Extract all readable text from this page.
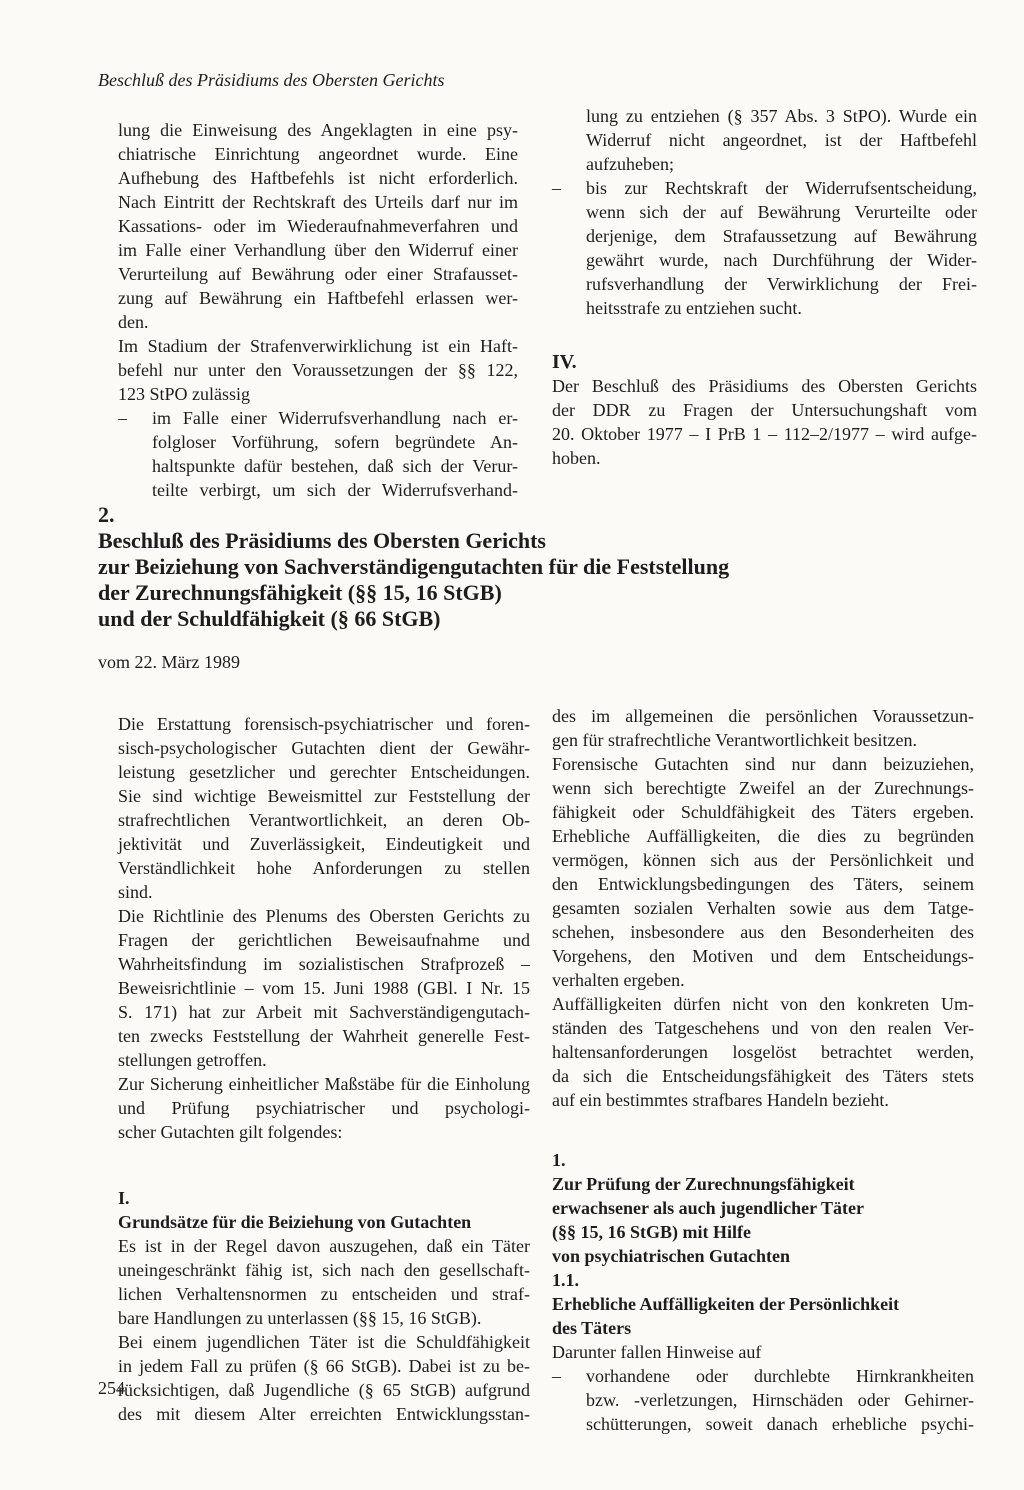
Beschluß des Präsidiums des Obersten Gerichts
lung die Einweisung des Angeklagten in eine psy-
chiatrische Einrichtung angeordnet wurde. Eine
Aufhebung des Haftbefehls ist nicht erforderlich.
Nach Eintritt der Rechtskraft des Urteils darf nur im
Kassations- oder im Wiederaufnahmeverfahren und
im Falle einer Verhandlung über den Widerruf einer
Verurteilung auf Bewährung oder einer Strafausset-
zung auf Bewährung ein Haftbefehl erlassen wer-
den.
Im Stadium der Strafenverwirklichung ist ein Haft-
befehl nur unter den Voraussetzungen der §§ 122,
123 StPO zulässig
–	im Falle einer Widerrufsverhandlung nach er-
folgloser Vorführung, sofern begründete An-
haltspunkte dafür bestehen, daß sich der Verur-
teilte verbirgt, um sich der Widerrufsverhand-
lung zu entziehen (§ 357 Abs. 3 StPO). Wurde ein
Widerruf nicht angeordnet, ist der Haftbefehl
aufzuheben;
–	bis zur Rechtskraft der Widerrufsentscheidung,
wenn sich der auf Bewährung Verurteilte oder
derjenige, dem Strafaussetzung auf Bewährung
gewährt wurde, nach Durchführung der Wider-
rufsverhandlung der Verwirklichung der Frei-
heitsstrafe zu entziehen sucht.
IV.
Der Beschluß des Präsidiums des Obersten Gerichts
der DDR zu Fragen der Untersuchungshaft vom
20. Oktober 1977 – I PrB 1 – 112–2/1977 – wird aufge-
hoben.
2.
Beschluß des Präsidiums des Obersten Gerichts
zur Beiziehung von Sachverständigengutachten für die Feststellung
der Zurechnungsfähigkeit (§§ 15, 16 StGB)
und der Schuldfähigkeit (§ 66 StGB)
vom 22. März 1989
Die Erstattung forensisch-psychiatrischer und foren-
sisch-psychologischer Gutachten dient der Gewähr-
leistung gesetzlicher und gerechter Entscheidungen.
Sie sind wichtige Beweismittel zur Feststellung der
strafrechtlichen Verantwortlichkeit, an deren Ob-
jektivität und Zuverlässigkeit, Eindeutigkeit und
Verständlichkeit hohe Anforderungen zu stellen
sind.
Die Richtlinie des Plenums des Obersten Gerichts zu
Fragen der gerichtlichen Beweisaufnahme und
Wahrheitsfindung im sozialistischen Strafprozeß –
Beweisrichtlinie – vom 15. Juni 1988 (GBl. I Nr. 15
S. 171) hat zur Arbeit mit Sachverständigengutach-
ten zwecks Feststellung der Wahrheit generelle Fest-
stellungen getroffen.
Zur Sicherung einheitlicher Maßstäbe für die Einholung
und Prüfung psychiatrischer und psychologi-
scher Gutachten gilt folgendes:
I.
Grundsätze für die Beiziehung von Gutachten
Es ist in der Regel davon auszugehen, daß ein Täter
uneingeschränkt fähig ist, sich nach den gesellschaft-
lichen Verhaltensnormen zu entscheiden und straf-
bare Handlungen zu unterlassen (§§ 15, 16 StGB).
Bei einem jugendlichen Täter ist die Schuldfähigkeit
in jedem Fall zu prüfen (§ 66 StGB). Dabei ist zu be-
rücksichtigen, daß Jugendliche (§ 65 StGB) aufgrund
des mit diesem Alter erreichten Entwicklungsstan-
des im allgemeinen die persönlichen Voraussetzun-
gen für strafrechtliche Verantwortlichkeit besitzen.
Forensische Gutachten sind nur dann beizuziehen,
wenn sich berechtigte Zweifel an der Zurechnungs-
fähigkeit oder Schuldfähigkeit des Täters ergeben.
Erhebliche Auffälligkeiten, die dies zu begründen
vermögen, können sich aus der Persönlichkeit und
den Entwicklungsbedingungen des Täters, seinem
gesamten sozialen Verhalten sowie aus dem Tatge-
schehen, insbesondere aus den Besonderheiten des
Vorgehens, den Motiven und dem Entscheidungs-
verhalten ergeben.
Auffälligkeiten dürfen nicht von den konkreten Um-
ständen des Tatgeschehens und von den realen Ver-
haltensanforderungen losgelöst betrachtet werden,
da sich die Entscheidungsfähigkeit des Täters stets
auf ein bestimmtes strafbares Handeln bezieht.
1.
Zur Prüfung der Zurechnungsfähigkeit
erwachsener als auch jugendlicher Täter
(§§ 15, 16 StGB) mit Hilfe
von psychiatrischen Gutachten
1.1.
Erhebliche Auffälligkeiten der Persönlichkeit
des Täters
Darunter fallen Hinweise auf
–	vorhandene oder durchlebte Hirnkrankheiten
bzw. -verletzungen, Hirnschäden oder Gehirner-
schütterungen, soweit danach erhebliche psychi-
254
